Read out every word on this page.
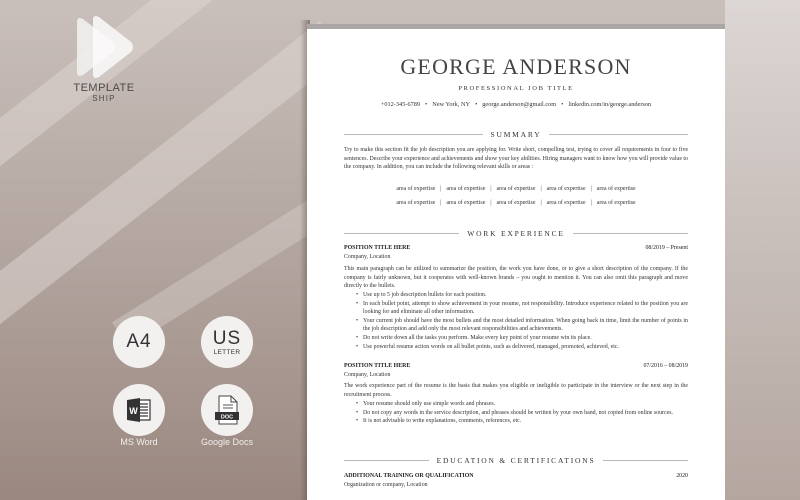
TEMPLATE
SHIP
A4	US
LETTER
W
DOC
MS Word	Google Docs
GEORGE ANDERSON
PROFESSIONAL JOB TITLE
+012-345-6789 • New York, NY • george.anderson@gmail.com • linkedin.com/in/george.anderson
SUMMARY
Try to make this section fit the job description you are applying for. Write short, compelling test, trying to cover all requirements in four to five sentences. Describe your experience and achievements and show your key abilities. Hiring managers want to know how you will provide value to the company. In addition, you can include the following relevant skills or areas :
area of expertise | area of expertise | area of expertise | area of expertise | area of expertise
area of expertise | area of expertise | area of expertise | area of expertise | area of expertise
WORK EXPERIENCE
POSITION TITLE HERE	08/2019 – Present
Company, Location
This main paragraph can be utilized to summarize the position, the work you have done, or to give a short description of the company. If the company is fairly unknown, but it cooperates with well-known brands – you ought to mention it. You can also omit this paragraph and move directly to the bullets.
• Use up to 5 job description bullets for each position.
• In each bullet point, attempt to show achievement in your resume, not responsibility. Introduce experience related to the position you are looking for and eliminate all other information.
• Your current job should have the most bullets and the most detailed information. When going back in time, limit the number of points in the job description and add only the most relevant responsibilities and achievements.
• Do not write down all the tasks you perform. Make every key point of your resume win its place.
• Use powerful resume action words on all bullet points, such as delivered, managed, promoted, achieved, etc.
POSITION TITLE HERE	07/2016 – 08/2019
Company, Location
The work experience part of the resume is the basis that makes you eligible or ineligible to participate in the interview or the next step in the recruitment process.
• Your resume should only use simple words and phrases.
• Do not copy any words in the service description, and phrases should be written by your own hand, not copied from online sources.
• It is not advisable to write explanations, comments, references, etc.
EDUCATION & CERTIFICATIONS
ADDITIONAL TRAINING OR QUALIFICATION	2020
Organization or company, Location
